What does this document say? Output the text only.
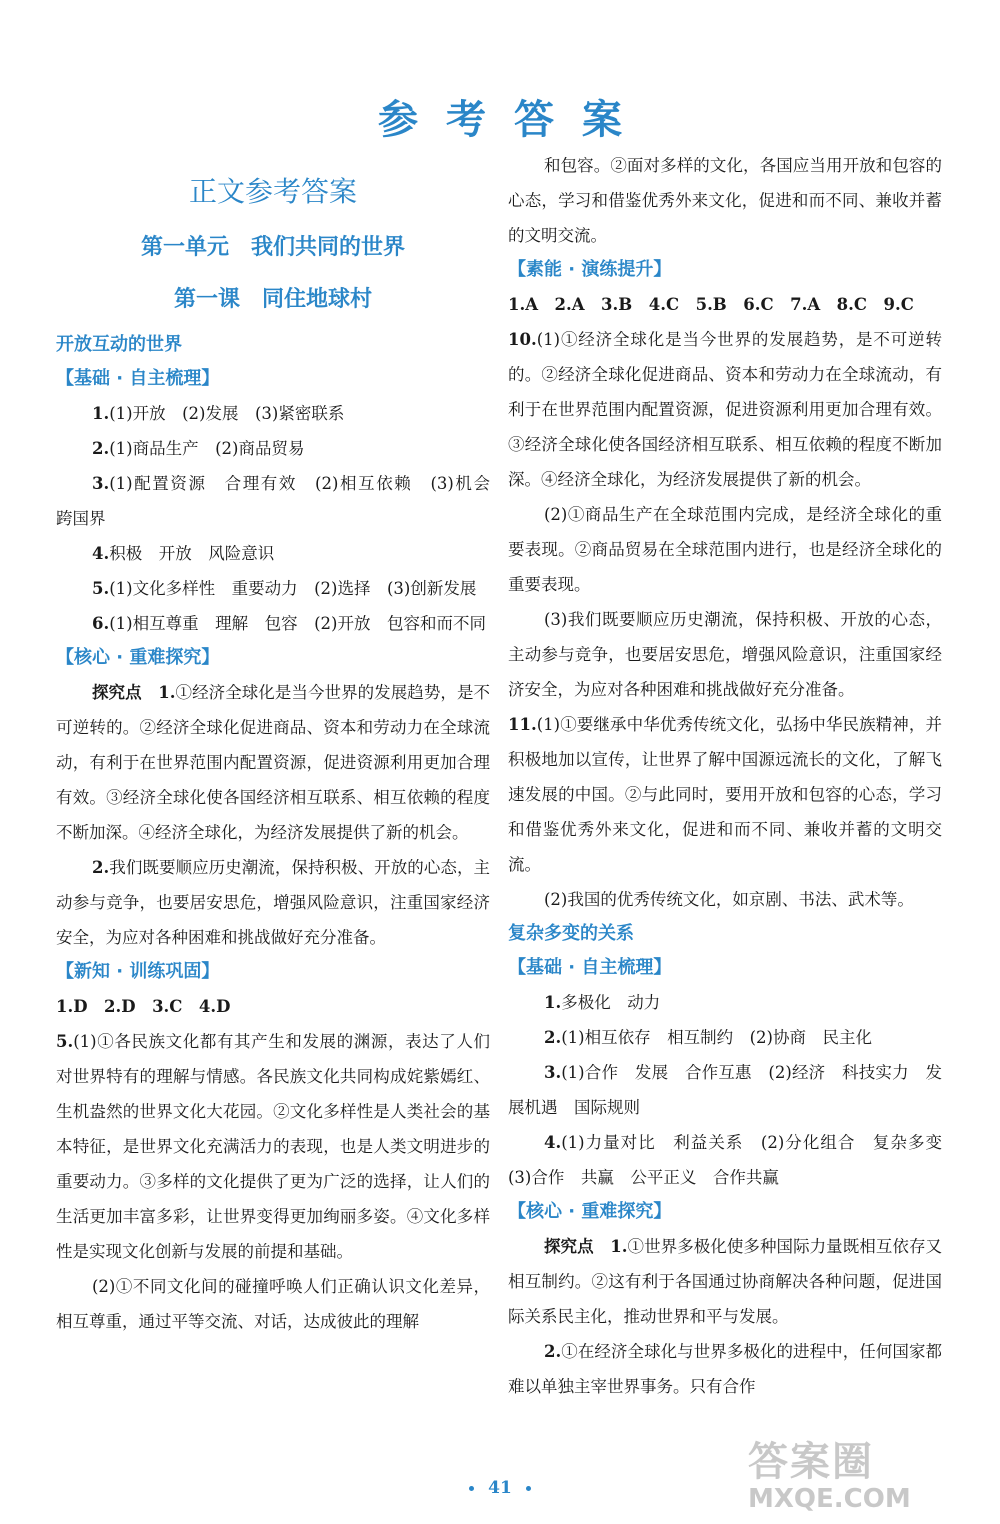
参考答案
正文参考答案
第一单元　我们共同的世界
第一课　同住地球村
开放互动的世界
【基础 · 自主梳理】
1.(1)开放　(2)发展　(3)紧密联系
2.(1)商品生产　(2)商品贸易
3.(1)配置资源　合理有效　(2)相互依赖　(3)机会　跨国界
4.积极　开放　风险意识
5.(1)文化多样性　重要动力　(2)选择　(3)创新发展
6.(1)相互尊重　理解　包容　(2)开放　包容和而不同
【核心 · 重难探究】
探究点　 1.①经济全球化是当今世界的发展趋势，是不可逆转的。②经济全球化促进商品、资本和劳动力在全球流动，有利于在世界范围内配置资源，促进资源利用更加合理有效。③经济全球化使各国经济相互联系、相互依赖的程度不断加深。④经济全球化，为经济发展提供了新的机会。
2.我们既要顺应历史潮流，保持积极、开放的心态，主动参与竞争，也要居安思危，增强风险意识，注重国家经济安全，为应对各种困难和挑战做好充分准备。
【新知 · 训练巩固】
1.D　2.D　3.C　4.D
5.(1)①各民族文化都有其产生和发展的渊源，表达了人们对世界特有的理解与情感。各民族文化共同构成姹紫嫣红、生机盎然的世界文化大花园。②文化多样性是人类社会的基本特征，是世界文化充满活力的表现，也是人类文明进步的重要动力。③多样的文化提供了更为广泛的选择，让人们的生活更加丰富多彩，让世界变得更加绚丽多姿。④文化多样性是实现文化创新与发展的前提和基础。
(2)①不同文化间的碰撞呼唤人们正确认识文化差异，相互尊重，通过平等交流、对话，达成彼此的理解
和包容。②面对多样的文化，各国应当用开放和包容的心态，学习和借鉴优秀外来文化，促进和而不同、兼收并蓄的文明交流。
【素能 · 演练提升】
1.A　2.A　3.B　4.C　5.B　6.C　7.A　8.C　9.C
10.(1)①经济全球化是当今世界的发展趋势，是不可逆转的。②经济全球化促进商品、资本和劳动力在全球流动，有利于在世界范围内配置资源，促进资源利用更加合理有效。③经济全球化使各国经济相互联系、相互依赖的程度不断加深。④经济全球化，为经济发展提供了新的机会。
(2)①商品生产在全球范围内完成，是经济全球化的重要表现。②商品贸易在全球范围内进行，也是经济全球化的重要表现。
(3)我们既要顺应历史潮流，保持积极、开放的心态，主动参与竞争，也要居安思危，增强风险意识，注重国家经济安全，为应对各种困难和挑战做好充分准备。
11.(1)①要继承中华优秀传统文化，弘扬中华民族精神，并积极地加以宣传，让世界了解中国源远流长的文化，了解飞速发展的中国。②与此同时，要用开放和包容的心态，学习和借鉴优秀外来文化，促进和而不同、兼收并蓄的文明交流。
(2)我国的优秀传统文化，如京剧、书法、武术等。
复杂多变的关系
【基础 · 自主梳理】
1.多极化　动力
2.(1)相互依存　相互制约　(2)协商　民主化
3.(1)合作　发展　合作互惠　(2)经济　科技实力　发展机遇　国际规则
4.(1)力量对比　利益关系　(2)分化组合　复杂多变　(3)合作　共赢　公平正义　合作共赢
【核心 · 重难探究】
探究点　 1.①世界多极化使多种国际力量既相互依存又相互制约。②这有利于各国通过协商解决各种问题，促进国际关系民主化，推动世界和平与发展。
2.①在经济全球化与世界多极化的进程中，任何国家都难以单独主宰世界事务。只有合作
41
答案圈
MXQE.COM
